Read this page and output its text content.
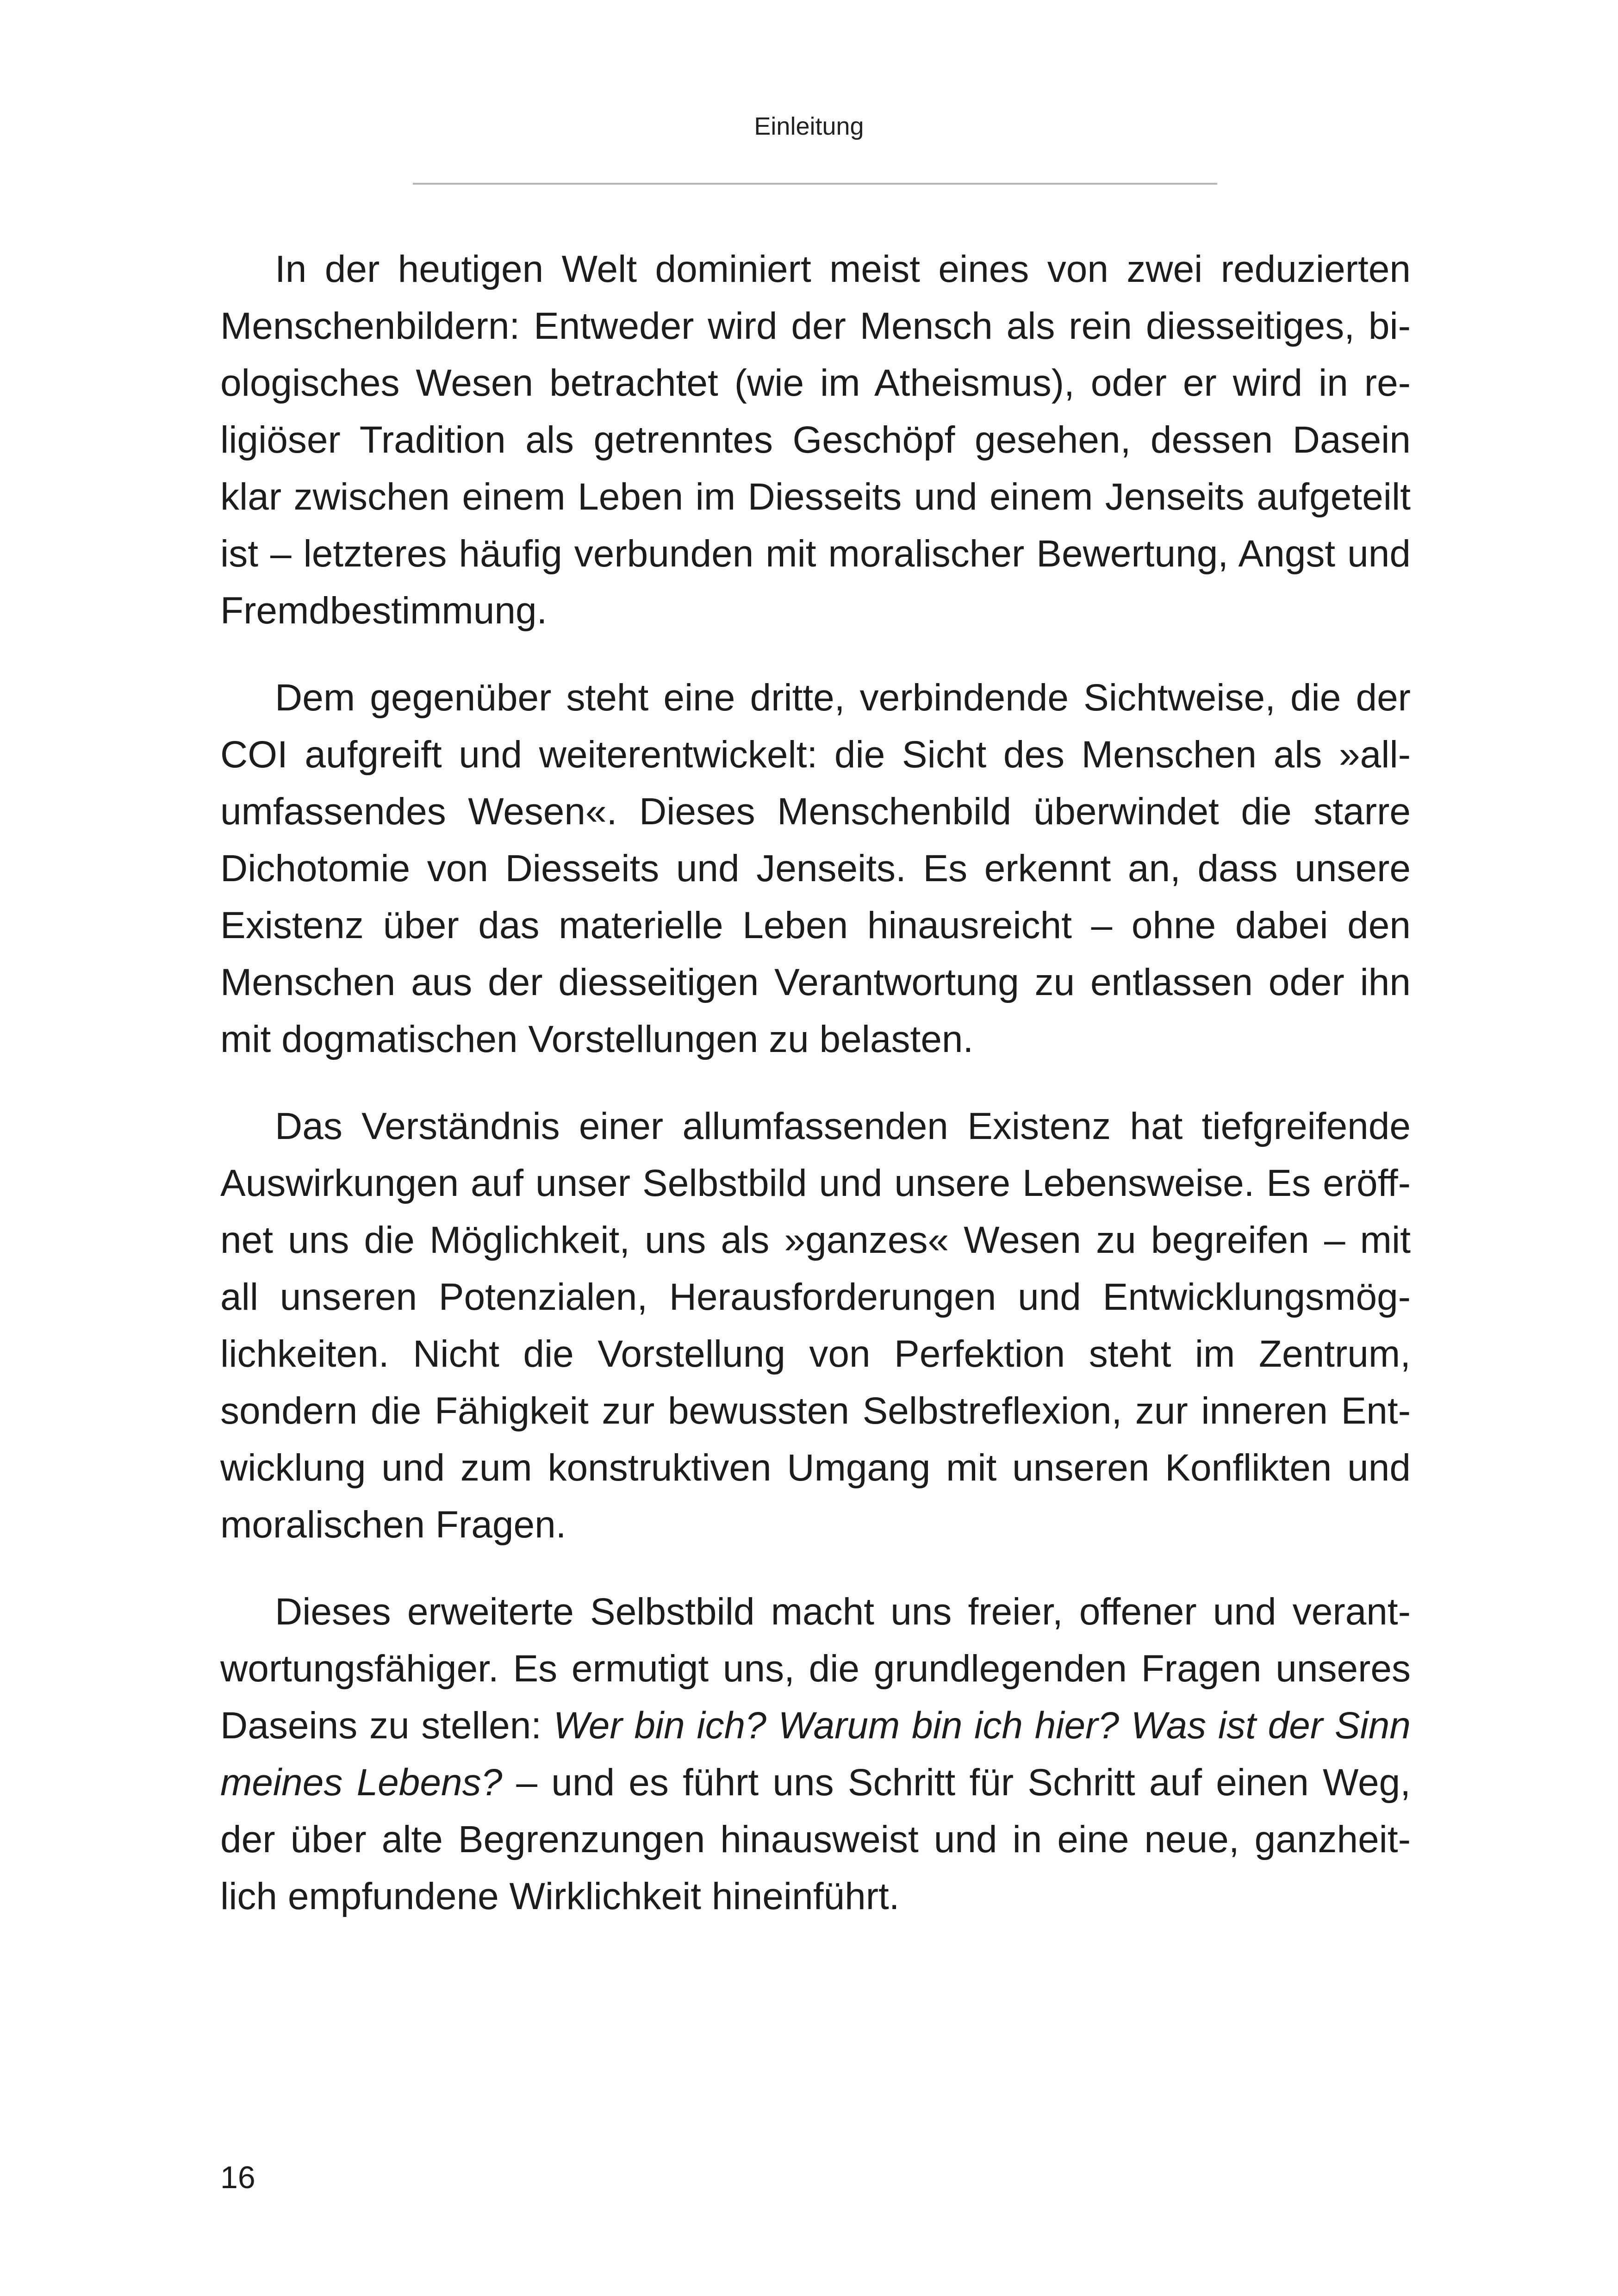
Einleitung

In der heutigen Welt dominiert meist eines von zwei reduzierten Menschenbildern: Entweder wird der Mensch als rein diesseitiges, biologisches Wesen betrachtet (wie im Atheismus), oder er wird in religiöser Tradition als getrenntes Geschöpf gesehen, dessen Dasein klar zwischen einem Leben im Diesseits und einem Jenseits aufgeteilt ist – letzteres häufig verbunden mit moralischer Bewertung, Angst und Fremdbestimmung.

Dem gegenüber steht eine dritte, verbindende Sichtweise, die der COI aufgreift und weiterentwickelt: die Sicht des Menschen als »allumfassendes Wesen«. Dieses Menschenbild überwindet die starre Dichotomie von Diesseits und Jenseits. Es erkennt an, dass unsere Existenz über das materielle Leben hinausreicht – ohne dabei den Menschen aus der diesseitigen Verantwortung zu entlassen oder ihn mit dogmatischen Vorstellungen zu belasten.

Das Verständnis einer allumfassenden Existenz hat tiefgreifende Auswirkungen auf unser Selbstbild und unsere Lebensweise. Es eröffnet uns die Möglichkeit, uns als »ganzes« Wesen zu begreifen – mit all unseren Potenzialen, Herausforderungen und Entwicklungsmöglichkeiten. Nicht die Vorstellung von Perfektion steht im Zentrum, sondern die Fähigkeit zur bewussten Selbstreflexion, zur inneren Entwicklung und zum konstruktiven Umgang mit unseren Konflikten und moralischen Fragen.

Dieses erweiterte Selbstbild macht uns freier, offener und verantwortungsfähiger. Es ermutigt uns, die grundlegenden Fragen unseres Daseins zu stellen: Wer bin ich? Warum bin ich hier? Was ist der Sinn meines Lebens? – und es führt uns Schritt für Schritt auf einen Weg, der über alte Begrenzungen hinausweist und in eine neue, ganzheitlich empfundene Wirklichkeit hineinführt.

16
